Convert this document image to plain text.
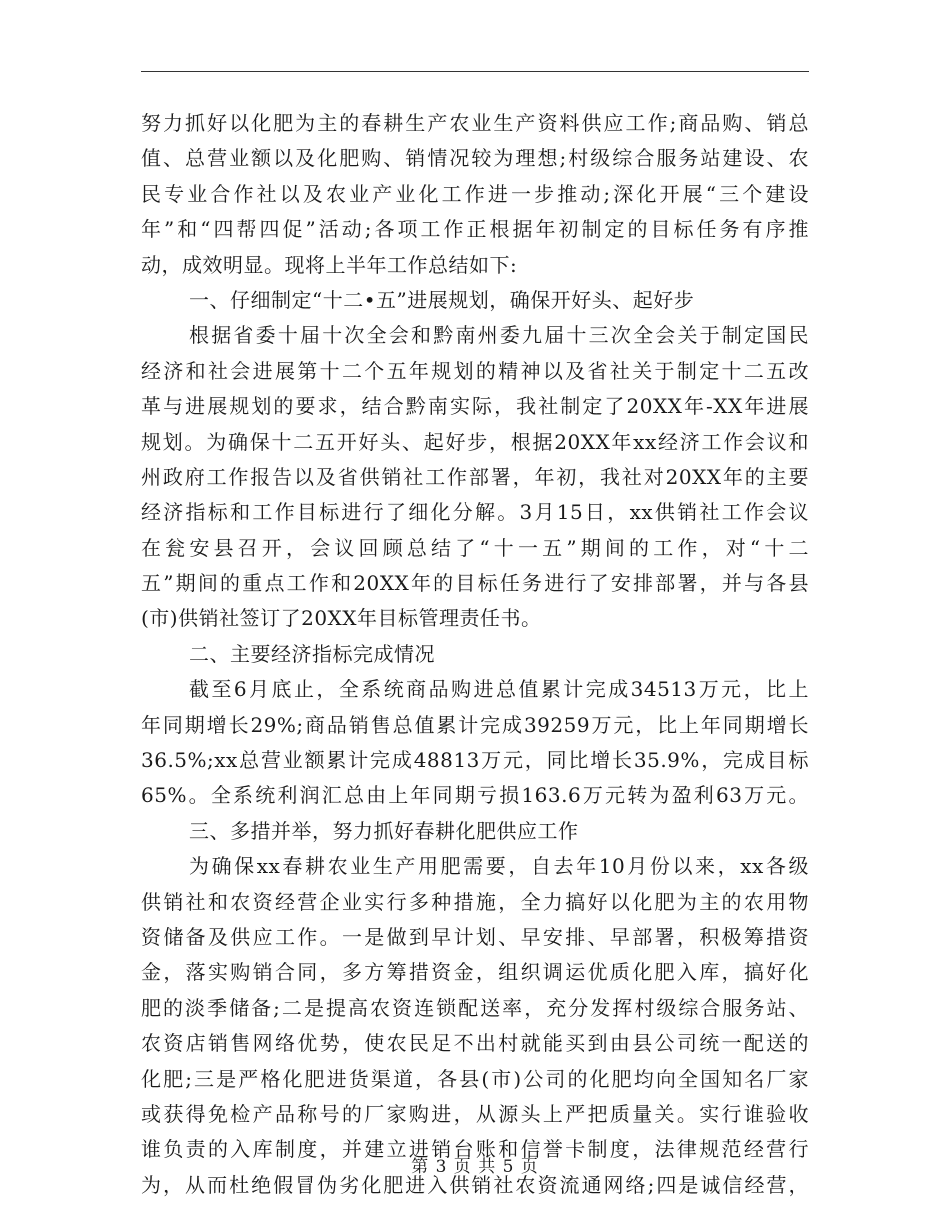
努力抓好以化肥为主的春耕生产农业生产资料供应工作;商品购、销总
值、总营业额以及化肥购、销情况较为理想;村级综合服务站建设、农
民专业合作社以及农业产业化工作进一步推动;深化开展“三个建设
年”和“四帮四促”活动;各项工作正根据年初制定的目标任务有序推
动，成效明显。现将上半年工作总结如下:
一、仔细制定“十二•五”进展规划，确保开好头、起好步
根据省委十届十次全会和黔南州委九届十三次全会关于制定国民
经济和社会进展第十二个五年规划的精神以及省社关于制定十二五改
革与进展规划的要求，结合黔南实际，我社制定了20XX年-XX年进展
规划。为确保十二五开好头、起好步，根据20XX年xx经济工作会议和
州政府工作报告以及省供销社工作部署，年初，我社对20XX年的主要
经济指标和工作目标进行了细化分解。3月15日，xx供销社工作会议
在瓮安县召开，会议回顾总结了“十一五”期间的工作，对“十二
五”期间的重点工作和20XX年的目标任务进行了安排部署，并与各县
(市)供销社签订了20XX年目标管理责任书。
二、主要经济指标完成情况
截至6月底止，全系统商品购进总值累计完成34513万元，比上
年同期增长29%;商品销售总值累计完成39259万元，比上年同期增长
36.5%;xx总营业额累计完成48813万元，同比增长35.9%，完成目标
65%。全系统利润汇总由上年同期亏损163.6万元转为盈利63万元。
三、多措并举，努力抓好春耕化肥供应工作
为确保xx春耕农业生产用肥需要，自去年10月份以来，xx各级
供销社和农资经营企业实行多种措施，全力搞好以化肥为主的农用物
资储备及供应工作。一是做到早计划、早安排、早部署，积极筹措资
金，落实购销合同，多方筹措资金，组织调运优质化肥入库，搞好化
肥的淡季储备;二是提高农资连锁配送率，充分发挥村级综合服务站、
农资店销售网络优势，使农民足不出村就能买到由县公司统一配送的
化肥;三是严格化肥进货渠道，各县(市)公司的化肥均向全国知名厂家
或获得免检产品称号的厂家购进，从源头上严把质量关。实行谁验收
谁负责的入库制度，并建立进销台账和信誉卡制度，法律规范经营行
为，从而杜绝假冒伪劣化肥进入供销社农资流通网络;四是诚信经营，
第 3 页 共 5 页
